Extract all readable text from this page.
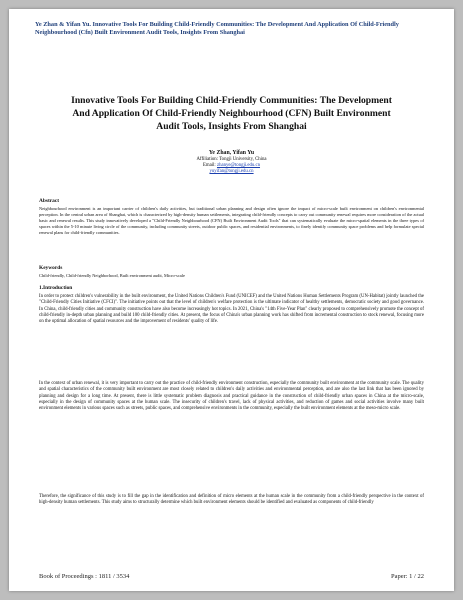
Ye Zhan & Yifan Yu. Innovative Tools For Building Child-Friendly Communities: The Development And Application Of Child-Friendly Neighbourhood (Cfn) Built Environment Audit Tools, Insights From Shanghai
Innovative Tools For Building Child-Friendly Communities: The Development And Application Of Child-Friendly Neighbourhood (CFN) Built Environment Audit Tools, Insights From Shanghai
Ye Zhan, Yifan Yu
Affiliation: Tongji University, China
Email: zhanye@tongji.edu.cn
yuyifan@tongji.edu.cn
Abstract
Neighbourhood environment is an important carrier of children's daily activities, but traditional urban planning and design often ignore the impact of micro-scale built environment on children's environmental perception. In the central urban area of Shanghai, which is characterized by high-density human settlements, integrating child-friendly concepts to carry out community renewal requires more consideration of the actual basic and renewal results. This study innovatively developed a "Child-Friendly Neighbourhood (CFN) Built Environment Audit Tools" that can systematically evaluate the micro-spatial elements in the three types of spaces within the 5-10 minute living circle of the community, including community streets, outdoor public spaces, and residential environments, to finely identify community space problems and help formulate special renewal plans for child-friendly communities.
Keywords
Child-friendly, Child-friendly Neighborhood, Built environment audit, Micro-scale
1.Introduction

In order to protect children's vulnerability in the built environment, the United Nations Children's Fund (UNICEF) and the United Nations Human Settlements Program (UN-Habitat) jointly launched the "Child-Friendly Cities Initiative (CFCI)". The initiative points out that the level of children's welfare protection is the ultimate indicator of healthy settlements, democratic society and good governance. In China, child-friendly cities and community construction have also become increasingly hot topics. In 2021, China's "14th Five-Year Plan" clearly proposed to comprehensively promote the concept of child-friendly in-depth urban planning and build 100 child-friendly cities. At present, the focus of China's urban planning work has shifted from incremental construction to stock renewal, focusing more on the optimal allocation of spatial resources and the improvement of residents' quality of life.

In the context of urban renewal, it is very important to carry out the practice of child-friendly environment construction, especially the community built environment at the community scale. The quality and spatial characteristics of the community built environment are most closely related to children's daily activities and environmental perception, and are also the last link that has been ignored by planning and design for a long time. At present, there is little systematic problem diagnosis and practical guidance in the construction of child-friendly urban spaces in China at the micro-scale, especially in the design of community spaces at the human scale. The insecurity of children's travel, lack of physical activities, and reduction of games and social activities involve many built environment elements in various spaces such as streets, public spaces, and comprehensive environments in the community, especially the built environment elements at the meso-micro scale.

Therefore, the significance of this study is to fill the gap in the identification and definition of micro elements at the human scale in the community from a child-friendly perspective in the context of high-density human settlements. This study aims to structurally determine which built environment elements should be identified and evaluated as components of child-friendly

Book of Proceedings : 1811 / 3534	Paper: 1 / 22
